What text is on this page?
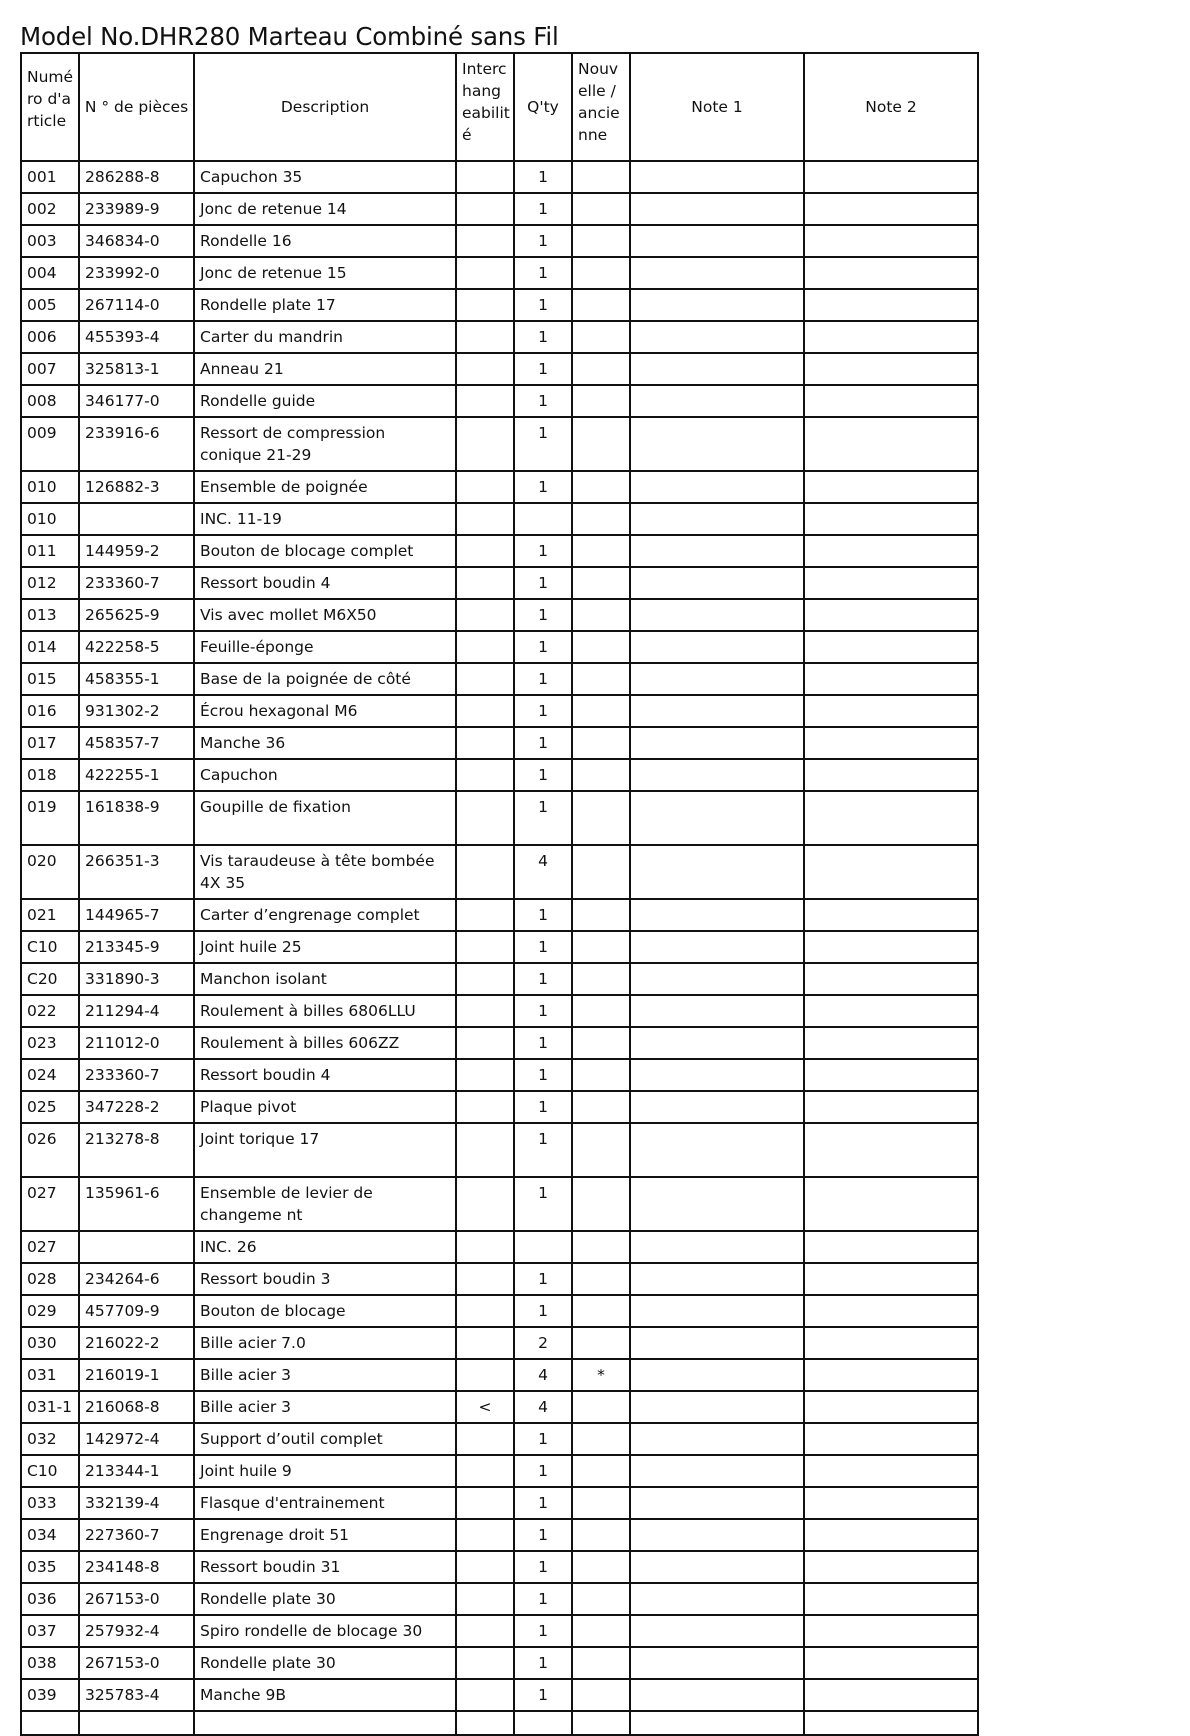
Model No.DHR280 Marteau Combiné sans Fil
Numé ro d'a rticle	N ° de pièces	Description	Interc hang eabilit é	Q'ty	Nouv elle / ancie nne	Note 1	Note 2
001	286288-8	Capuchon 35		1			
002	233989-9	Jonc de retenue 14		1			
003	346834-0	Rondelle 16		1			
004	233992-0	Jonc de retenue 15		1			
005	267114-0	Rondelle plate 17		1			
006	455393-4	Carter du mandrin		1			
007	325813-1	Anneau 21		1			
008	346177-0	Rondelle guide		1			
009	233916-6	Ressort de compression conique 21-29		1			
010	126882-3	Ensemble de poignée		1			
010		INC. 11-19					
011	144959-2	Bouton de blocage complet		1			
012	233360-7	Ressort boudin 4		1			
013	265625-9	Vis avec mollet M6X50		1			
014	422258-5	Feuille-éponge		1			
015	458355-1	Base de la poignée de côté		1			
016	931302-2	Écrou hexagonal M6		1			
017	458357-7	Manche 36		1			
018	422255-1	Capuchon		1			
019	161838-9	Goupille de fixation		1			
020	266351-3	Vis taraudeuse à tête bombée 4X 35		4			
021	144965-7	Carter d’engrenage complet		1			
C10	213345-9	Joint huile 25		1			
C20	331890-3	Manchon isolant		1			
022	211294-4	Roulement à billes 6806LLU		1			
023	211012-0	Roulement à billes 606ZZ		1			
024	233360-7	Ressort boudin 4		1			
025	347228-2	Plaque pivot		1			
026	213278-8	Joint torique 17		1			
027	135961-6	Ensemble de levier de changeme nt		1			
027		INC. 26					
028	234264-6	Ressort boudin 3		1			
029	457709-9	Bouton de blocage		1			
030	216022-2	Bille acier 7.0		2			
031	216019-1	Bille acier 3		4	*		
031-1	216068-8	Bille acier 3	<	4			
032	142972-4	Support d’outil complet		1			
C10	213344-1	Joint huile 9		1			
033	332139-4	Flasque d'entrainement		1			
034	227360-7	Engrenage droit 51		1			
035	234148-8	Ressort boudin 31		1			
036	267153-0	Rondelle plate 30		1			
037	257932-4	Spiro rondelle de blocage 30		1			
038	267153-0	Rondelle plate 30		1			
039	325783-4	Manche 9B		1			
